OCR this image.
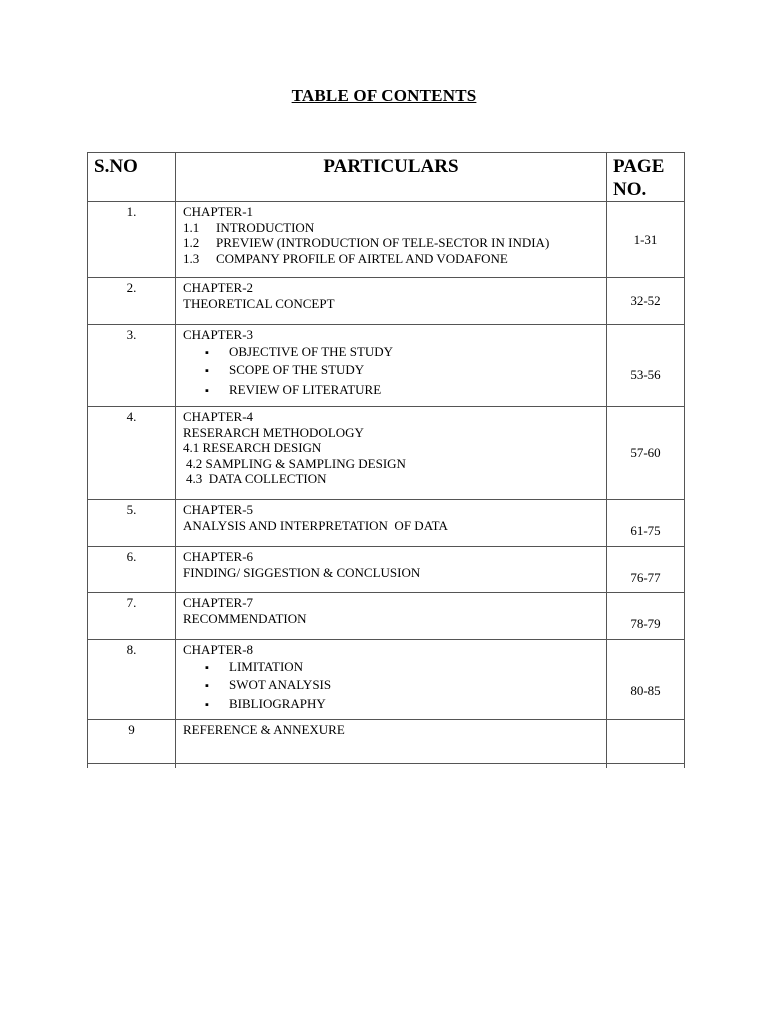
TABLE OF CONTENTS
S.NO	PARTICULARS	PAGE NO.
1.	CHAPTER-1
1.1 INTRODUCTION
1.2 PREVIEW (INTRODUCTION OF TELE-SECTOR IN INDIA)
1.3 COMPANY PROFILE OF AIRTEL AND VODAFONE	1-31
2.	CHAPTER-2
THEORETICAL CONCEPT	32-52
3.	CHAPTER-3
▪ OBJECTIVE OF THE STUDY
▪ SCOPE OF THE STUDY
▪ REVIEW OF LITERATURE	53-56
4.	CHAPTER-4
RESERARCH METHODOLOGY
4.1 RESEARCH DESIGN
4.2 SAMPLING & SAMPLING DESIGN
4.3  DATA COLLECTION	57-60
5.	CHAPTER-5
ANALYSIS AND INTERPRETATION  OF DATA	61-75
6.	CHAPTER-6
FINDING/ SIGGESTION & CONCLUSION	76-77
7.	CHAPTER-7
RECOMMENDATION	78-79
8.	CHAPTER-8
▪ LIMITATION
▪ SWOT ANALYSIS
▪ BIBLIOGRAPHY	80-85
9	REFERENCE & ANNEXURE	
